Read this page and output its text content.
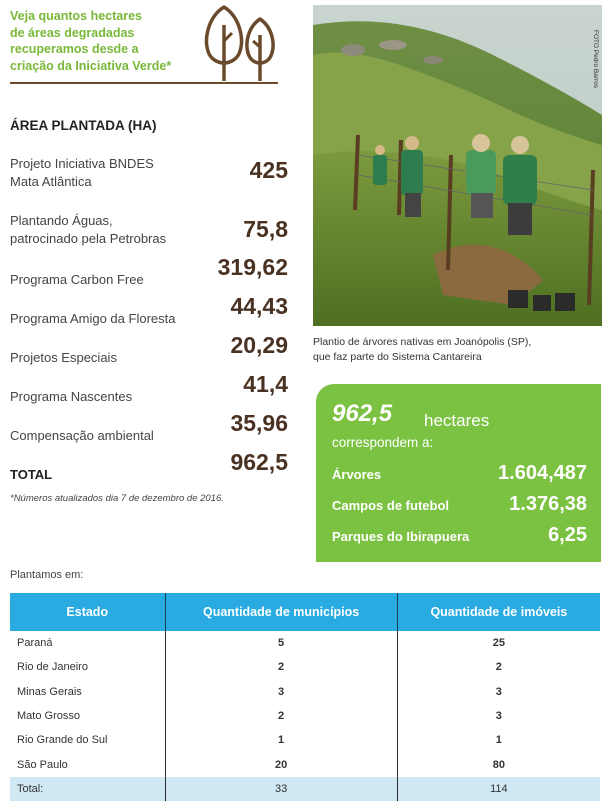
Veja quantos hectares
de áreas degradadas
recuperamos desde a
criação da Iniciativa Verde*
ÁREA PLANTADA (HA)
Projeto Iniciativa BNDES
Mata Atlântica	425
Plantando Águas,
patrocinado pela Petrobras	75,8
Programa Carbon Free	319,62
Programa Amigo da Floresta 44,43
Projetos Especiais	20,29
Programa Nascentes	41,4
Compensação ambiental	35,96
TOTAL	962,5
*Números atualizados dia 7 de dezembro de 2016.
FOTO Pedro Barros
Plantio de árvores nativas em Joanópolis (SP),
que faz parte do Sistema Cantareira
962,5 hectares
correspondem a:
Árvores	1.604,487
Campos de futebol	1.376,38
Parques do Ibirapuera	6,25
Plantamos em:
Estado	Quantidade de municípios	Quantidade de imóveis
Paraná	5	25
Rio de Janeiro	2	2
Minas Gerais	3	3
Mato Grosso	2	3
Rio Grande do Sul	1	1
São Paulo	20	80
Total:	33	114
